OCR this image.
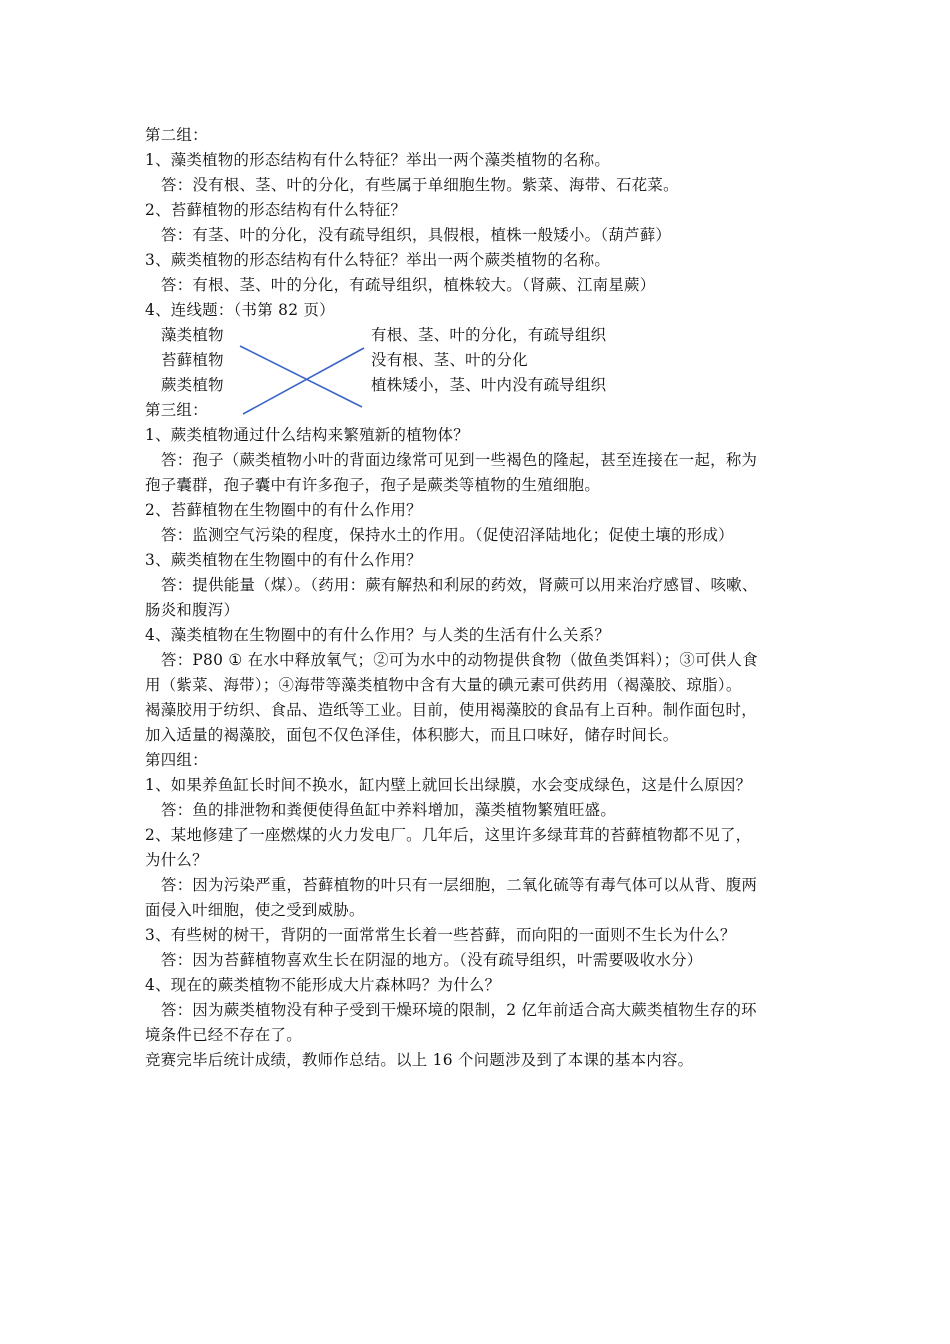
第二组：
1、藻类植物的形态结构有什么特征？举出一两个藻类植物的名称。
答：没有根、茎、叶的分化，有些属于单细胞生物。紫菜、海带、石花菜。
2、苔藓植物的形态结构有什么特征？
答：有茎、叶的分化，没有疏导组织，具假根，植株一般矮小。（葫芦藓）
3、蕨类植物的形态结构有什么特征？举出一两个蕨类植物的名称。
答：有根、茎、叶的分化，有疏导组织，植株较大。（肾蕨、江南星蕨）
4、连线题：（书第 82 页）
藻类植物
苔藓植物
蕨类植物
有根、茎、叶的分化，有疏导组织
没有根、茎、叶的分化
植株矮小，茎、叶内没有疏导组织
第三组：
1、蕨类植物通过什么结构来繁殖新的植物体？
答：孢子（蕨类植物小叶的背面边缘常可见到一些褐色的隆起，甚至连接在一起，称为
孢子囊群，孢子囊中有许多孢子，孢子是蕨类等植物的生殖细胞。
2、苔藓植物在生物圈中的有什么作用？
答：监测空气污染的程度，保持水土的作用。（促使沼泽陆地化；促使土壤的形成）
3、蕨类植物在生物圈中的有什么作用？
答：提供能量（煤）。（药用：蕨有解热和利尿的药效，肾蕨可以用来治疗感冒、咳嗽、
肠炎和腹泻）
4、藻类植物在生物圈中的有什么作用？与人类的生活有什么关系？
答：P80 ① 在水中释放氧气；②可为水中的动物提供食物（做鱼类饵料）；③可供人食
用（紫菜、海带）；④海带等藻类植物中含有大量的碘元素可供药用（褐藻胶、琼脂）。
褐藻胶用于纺织、食品、造纸等工业。目前，使用褐藻胶的食品有上百种。制作面包时，
加入适量的褐藻胶，面包不仅色泽佳，体积膨大，而且口味好，储存时间长。
第四组：
1、如果养鱼缸长时间不换水，缸内壁上就回长出绿膜，水会变成绿色，这是什么原因？
答：鱼的排泄物和粪便使得鱼缸中养料增加，藻类植物繁殖旺盛。
2、某地修建了一座燃煤的火力发电厂。几年后，这里许多绿茸茸的苔藓植物都不见了，
为什么？
答：因为污染严重，苔藓植物的叶只有一层细胞，二氧化硫等有毒气体可以从背、腹两
面侵入叶细胞，使之受到威胁。
3、有些树的树干，背阴的一面常常生长着一些苔藓，而向阳的一面则不生长为什么？
答：因为苔藓植物喜欢生长在阴湿的地方。（没有疏导组织，叶需要吸收水分）
4、现在的蕨类植物不能形成大片森林吗？为什么？
答：因为蕨类植物没有种子受到干燥环境的限制，2 亿年前适合高大蕨类植物生存的环
境条件已经不存在了。
竞赛完毕后统计成绩，教师作总结。以上 16 个问题涉及到了本课的基本内容。
